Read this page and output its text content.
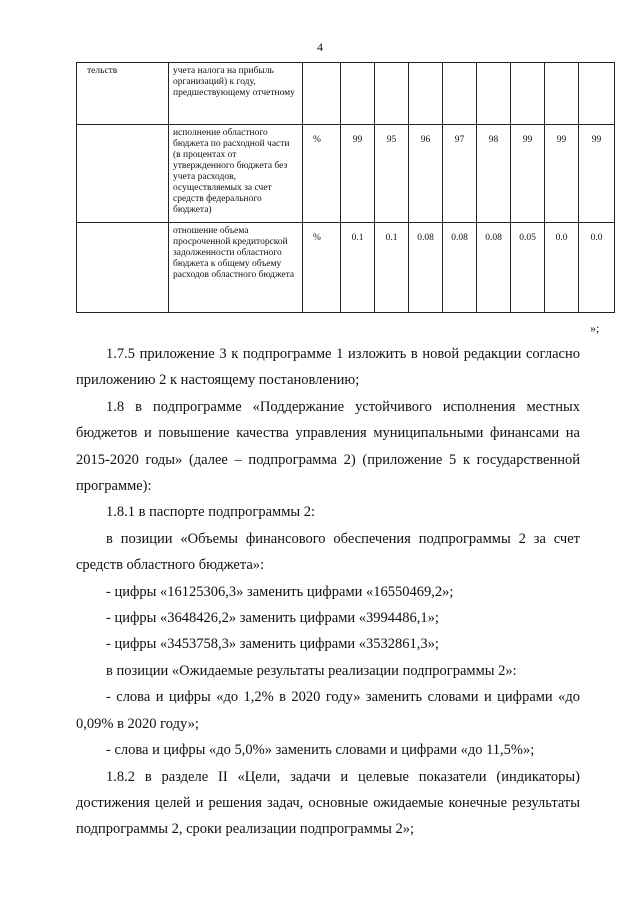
4
тельств	учета налога на прибыль организаций) к году, предшествующему отчетному									
	исполнение областного бюджета по расходной части (в процентах от утвержденного бюджета без учета расходов, осуществляемых за счет средств федерального бюджета)	%	99	95	96	97	98	99	99	99
	отношение объема просроченной кредиторской задолженности областного бюджета к общему объему расходов областного бюджета	%	0.1	0.1	0.08	0.08	0.08	0.05	0.0	0.0
»;

1.7.5 приложение 3 к подпрограмме 1 изложить в новой редакции согласно приложению 2 к настоящему постановлению;

1.8 в подпрограмме «Поддержание устойчивого исполнения местных бюджетов и повышение качества управления муниципальными финансами на 2015-2020 годы» (далее – подпрограмма 2) (приложение 5 к государственной программе):

1.8.1 в паспорте подпрограммы 2:

в позиции «Объемы финансового обеспечения подпрограммы 2 за счет средств областного бюджета»:

- цифры «16125306,3» заменить цифрами «16550469,2»;

- цифры «3648426,2» заменить цифрами «3994486,1»;

- цифры «3453758,3» заменить цифрами «3532861,3»;

в позиции «Ожидаемые результаты реализации подпрограммы 2»:

- слова и цифры «до 1,2% в 2020 году» заменить словами и цифрами «до 0,09% в 2020 году»;

- слова и цифры «до 5,0%» заменить словами и цифрами «до 11,5%»;

1.8.2 в разделе II «Цели, задачи и целевые показатели (индикаторы) достижения целей и решения задач, основные ожидаемые конечные результаты подпрограммы 2, сроки реализации подпрограммы 2»;
